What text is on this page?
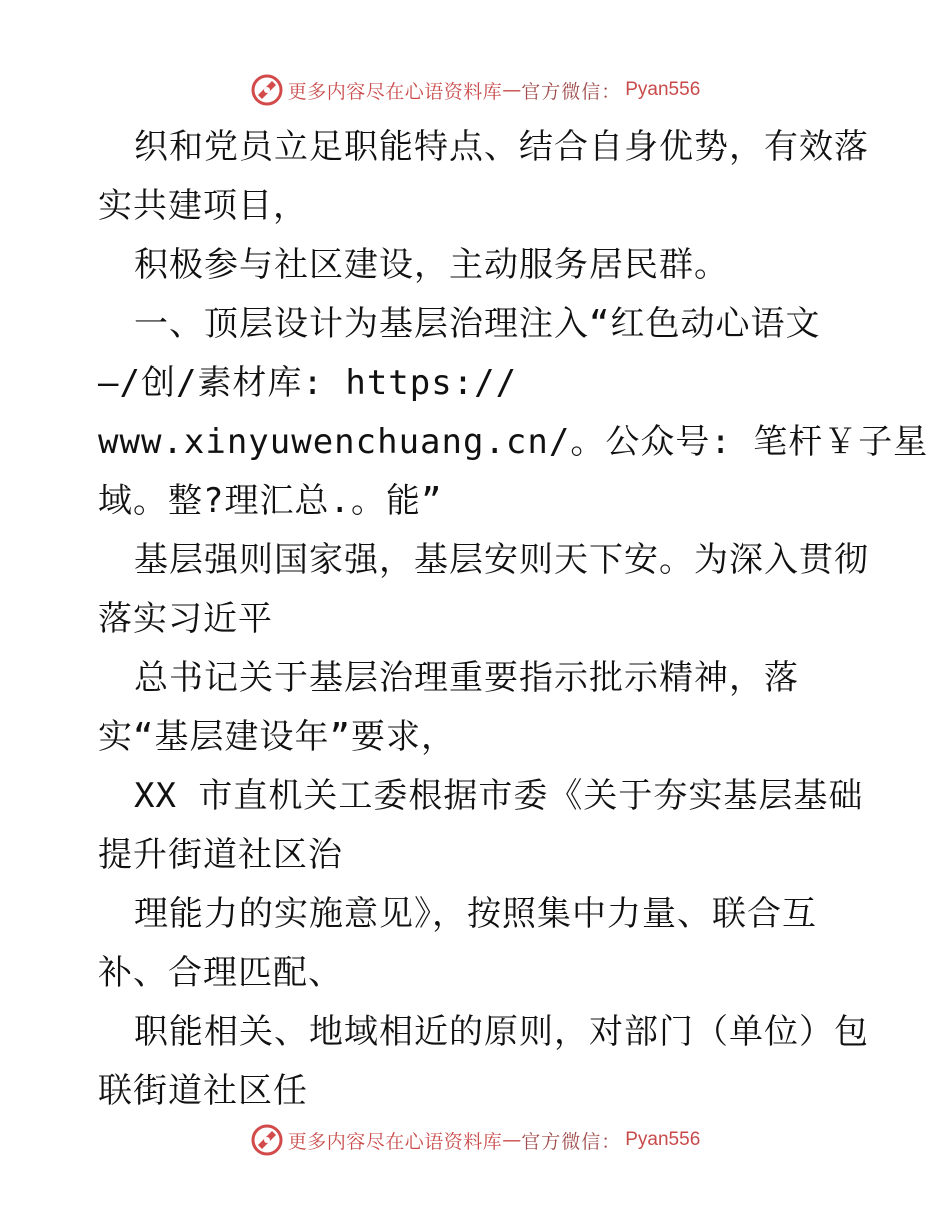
更多内容尽在心语资料库 — 官方微信： Pyan556
织和党员立足职能特点、结合自身优势，有效落
实共建项目，
积极参与社区建设，主动服务居民群。
一、顶层设计为基层治理注入“红色动心语文
—/创/素材库: https://
www.xinyuwenchuang.cn/。公众号: 笔杆￥子星
域。整?理汇总.。能”
基层强则国家强，基层安则天下安。为深入贯彻
落实习近平
总书记关于基层治理重要指示批示精神，落
实“基层建设年”要求，
XX 市直机关工委根据市委《关于夯实基层基础
提升街道社区治
理能力的实施意见》，按照集中力量、联合互
补、合理匹配、
职能相关、地域相近的原则，对部门（单位）包
联街道社区任
更多内容尽在心语资料库 — 官方微信： Pyan556
